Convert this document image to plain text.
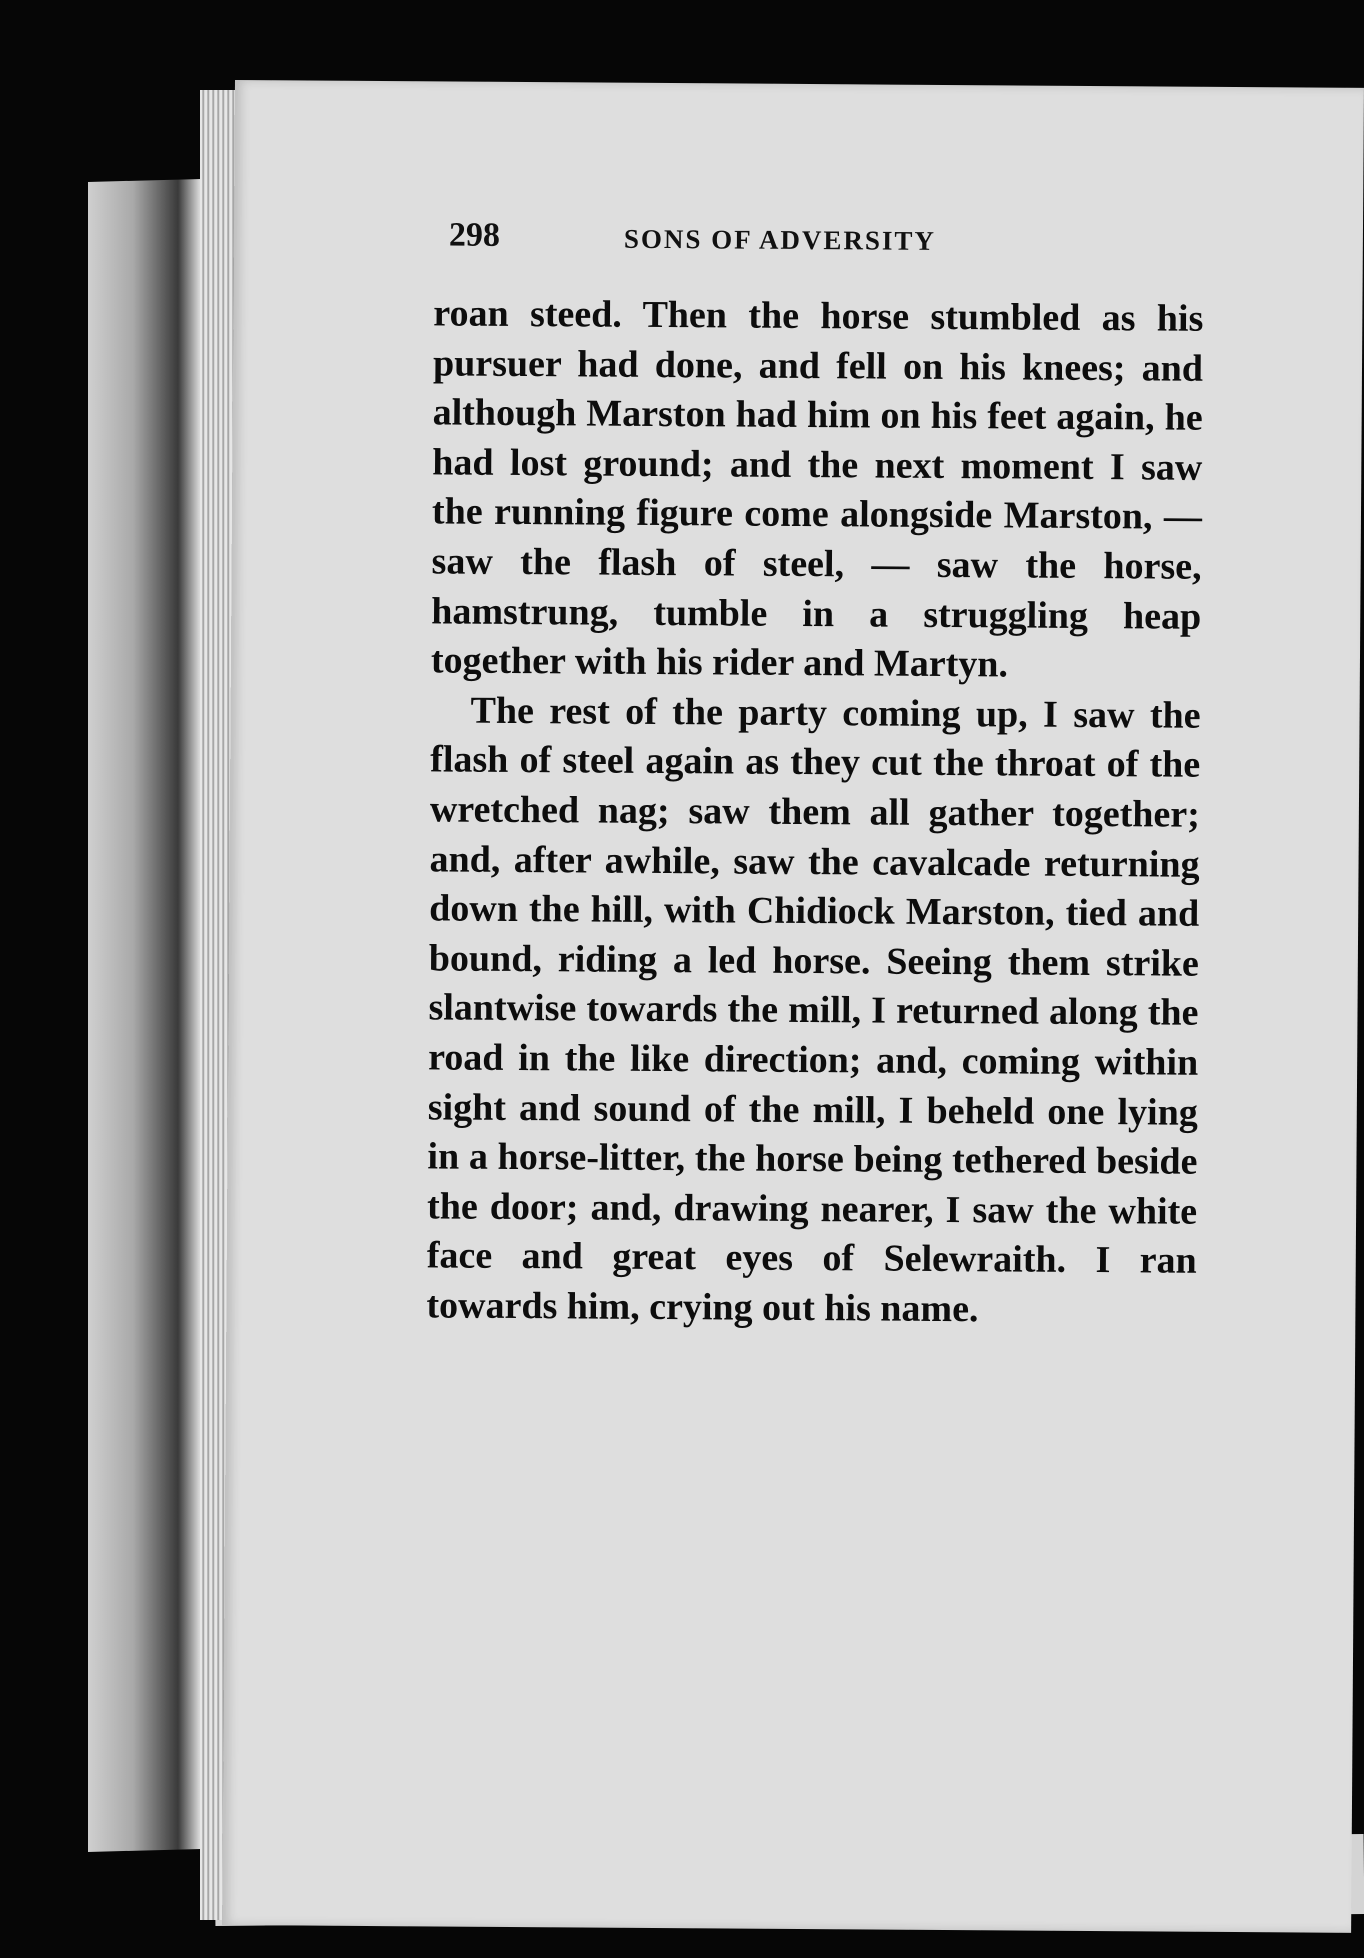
298	SONS OF ADVERSITY

roan steed. Then the horse stumbled as his pursuer had done, and fell on his knees; and although Marston had him on his feet again, he had lost ground; and the next moment I saw the running figure come alongside Marston, — saw the flash of steel, — saw the horse, hamstrung, tumble in a struggling heap together with his rider and Martyn.

The rest of the party coming up, I saw the flash of steel again as they cut the throat of the wretched nag; saw them all gather together; and, after awhile, saw the cavalcade returning down the hill, with Chidiock Marston, tied and bound, riding a led horse. Seeing them strike slantwise towards the mill, I returned along the road in the like direction; and, coming within sight and sound of the mill, I beheld one lying in a horse-litter, the horse being tethered beside the door; and, drawing nearer, I saw the white face and great eyes of Selewraith. I ran towards him, crying out his name.
